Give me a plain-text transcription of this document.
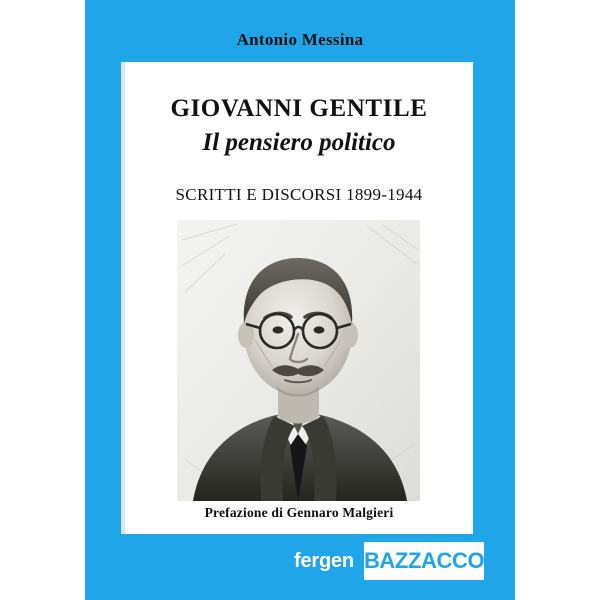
Antonio Messina
GIOVANNI GENTILE
Il pensiero politico
SCRITTI E DISCORSI 1899-1944
Prefazione di Gennaro Malgieri
fergen BAZZACCO
